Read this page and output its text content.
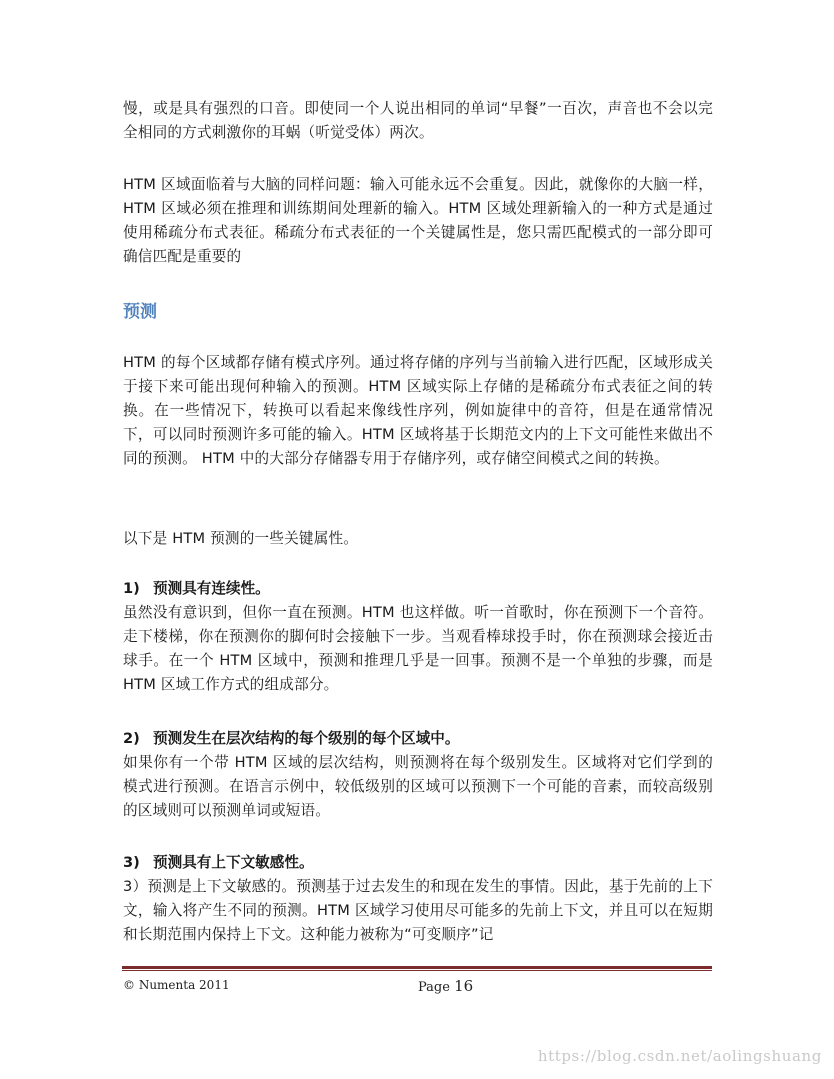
慢，或是具有强烈的口音。即使同一个人说出相同的单词“早餐”一百次，声音也不会以完全相同的方式刺激你的耳蜗（听觉受体）两次。

HTM 区域面临着与大脑的同样问题：输入可能永远不会重复。因此，就像你的大脑一样，HTM 区域必须在推理和训练期间处理新的输入。HTM 区域处理新输入的一种方式是通过使用稀疏分布式表征。稀疏分布式表征的一个关键属性是，您只需匹配模式的一部分即可确信匹配是重要的

预测

HTM 的每个区域都存储有模式序列。通过将存储的序列与当前输入进行匹配，区域形成关于接下来可能出现何种输入的预测。HTM 区域实际上存储的是稀疏分布式表征之间的转换。在一些情况下，转换可以看起来像线性序列，例如旋律中的音符，但是在通常情况下，可以同时预测许多可能的输入。HTM 区域将基于长期范文内的上下文可能性来做出不同的预测。 HTM 中的大部分存储器专用于存储序列，或存储空间模式之间的转换。

以下是 HTM 预测的一些关键属性。

1) 预测具有连续性。

虽然没有意识到，但你一直在预测。HTM 也这样做。听一首歌时，你在预测下一个音符。走下楼梯，你在预测你的脚何时会接触下一步。当观看棒球投手时，你在预测球会接近击球手。在一个 HTM 区域中，预测和推理几乎是一回事。预测不是一个单独的步骤，而是 HTM 区域工作方式的组成部分。

2) 预测发生在层次结构的每个级别的每个区域中。

如果你有一个带 HTM 区域的层次结构，则预测将在每个级别发生。区域将对它们学到的模式进行预测。在语言示例中，较低级别的区域可以预测下一个可能的音素，而较高级别的区域则可以预测单词或短语。

3) 预测具有上下文敏感性。

3）预测是上下文敏感的。预测基于过去发生的和现在发生的事情。因此，基于先前的上下文，输入将产生不同的预测。HTM 区域学习使用尽可能多的先前上下文，并且可以在短期和长期范围内保持上下文。这种能力被称为“可变顺序”记

© Numenta 2011	Page 16
https://blog.csdn.net/aolingshuang
